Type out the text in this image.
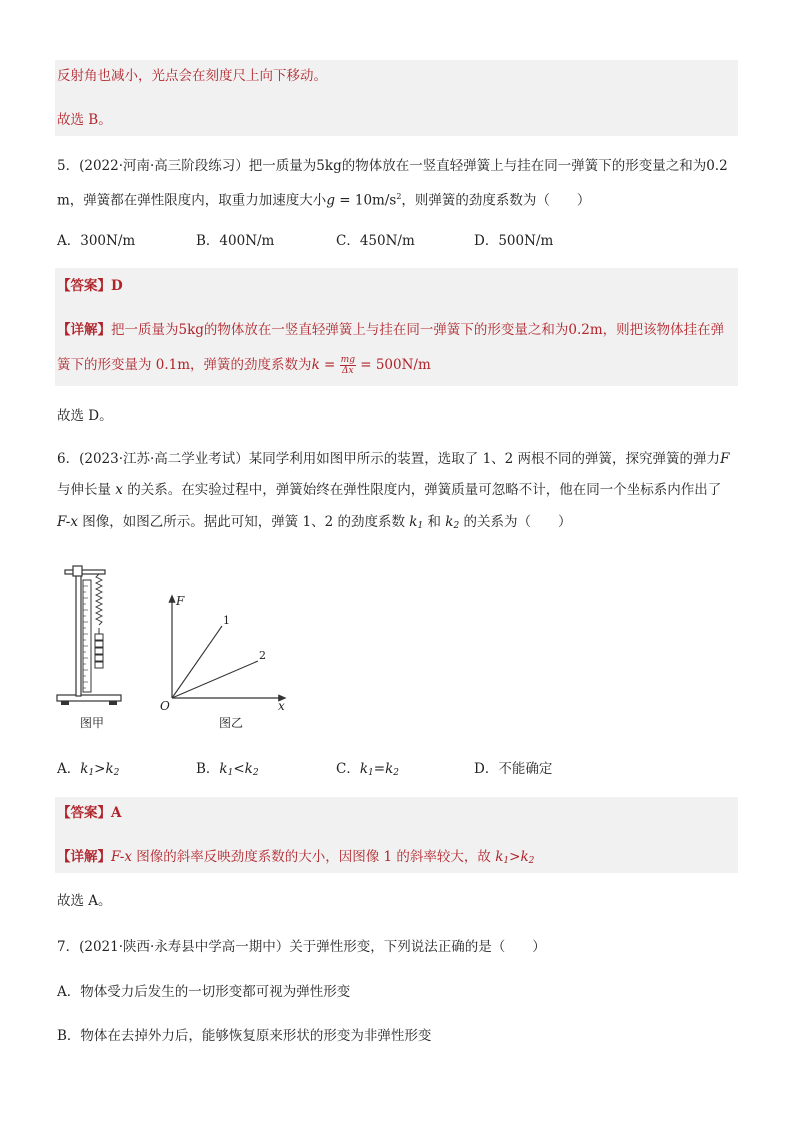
反射角也减小，光点会在刻度尺上向下移动。
故选 B。
5．(2022·河南·高三阶段练习）把一质量为5kg的物体放在一竖直轻弹簧上与挂在同一弹簧下的形变量之和为0.2
m，弹簧都在弹性限度内，取重力加速度大小$g = 10m/s^2$，则弹簧的劲度系数为（　　）
A．300N/m	B．400N/m	C．450N/m	D．500N/m
【答案】D
【详解】把一质量为5kg的物体放在一竖直轻弹簧上与挂在同一弹簧下的形变量之和为0.2m，则把该物体挂在弹
簧下的形变量为 0.1m，弹簧的劲度系数为$k = \frac{mg}{\Delta x} = 500N/m$
故选 D。
6．(2023·江苏·高二学业考试）某同学利用如图甲所示的装置，选取了 1、2 两根不同的弹簧，探究弹簧的弹力F
与伸长量 x 的关系。在实验过程中，弹簧始终在弹性限度内，弹簧质量可忽略不计，他在同一个坐标系内作出了
F-x 图像，如图乙所示。据此可知，弹簧 1、2 的劲度系数 $k_1$ 和 $k_2$ 的关系为（　　）
图甲
F
x
O
1
2
图乙
A．$k_1>k_2$	B．$k_1<k_2$	C．$k_1=k_2$	D．不能确定
【答案】A
【详解】F-x 图像的斜率反映劲度系数的大小，因图像 1 的斜率较大，故 $k_1>k_2$
故选 A。
7．(2021·陕西·永寿县中学高一期中）关于弹性形变，下列说法正确的是（　　）
A．物体受力后发生的一切形变都可视为弹性形变
B．物体在去掉外力后，能够恢复原来形状的形变为非弹性形变
